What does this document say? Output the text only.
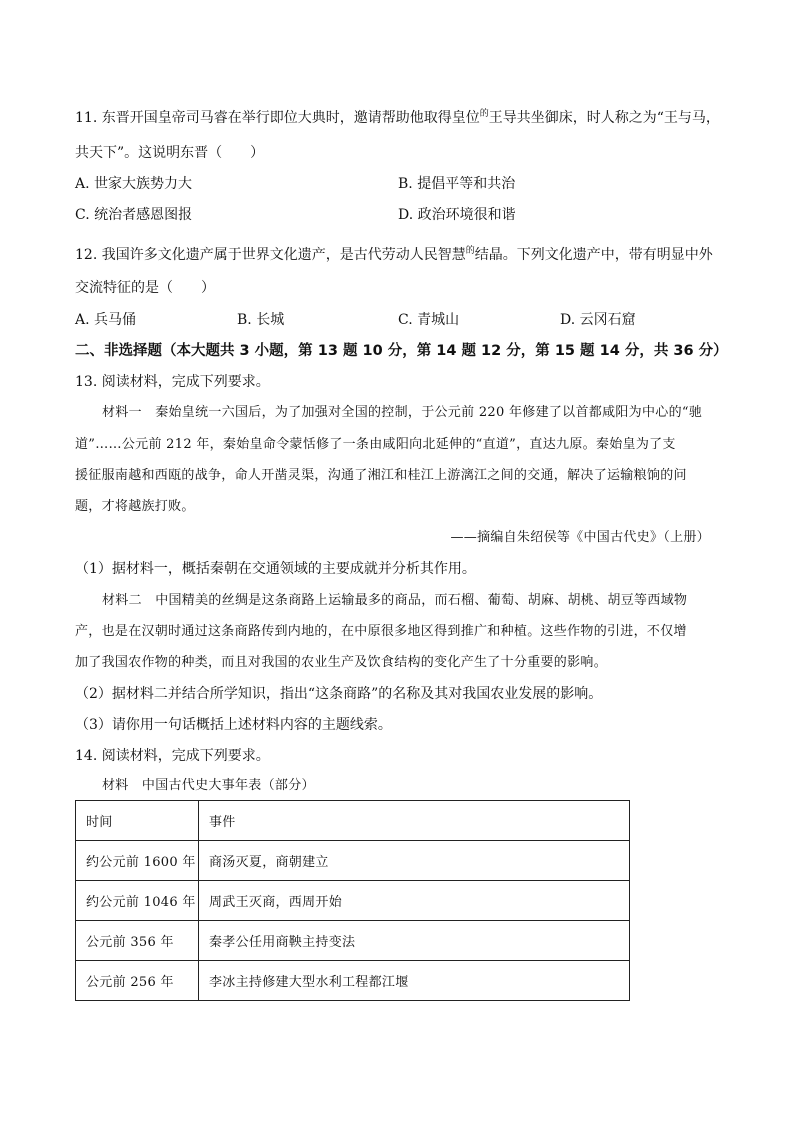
11. 东晋开国皇帝司马睿在举行即位大典时，邀请帮助他取得皇位$^的$王导共坐御床，时人称之为“王与马，
共天下”。这说明东晋（　　）
A. 世家大族势力大	B. 提倡平等和共治
C. 统治者感恩图报	D. 政治环境很和谐
12. 我国许多文化遗产属于世界文化遗产，是古代劳动人民智慧$^的$结晶。下列文化遗产中，带有明显中外
交流特征的是（　　）
A. 兵马俑	B. 长城	C. 青城山	D. 云冈石窟
二、非选择题（本大题共 3 小题，第 13 题 10 分，第 14 题 12 分，第 15 题 14 分，共 36 分）
13. 阅读材料，完成下列要求。
材料一　秦始皇统一六国后，为了加强对全国的控制，于公元前 220 年修建了以首都咸阳为中心的“驰
道”……公元前 212 年，秦始皇命令蒙恬修了一条由咸阳向北延伸的“直道”，直达九原。秦始皇为了支
援征服南越和西瓯的战争，命人开凿灵渠，沟通了湘江和桂江上游漓江之间的交通，解决了运输粮饷的问
题，才将越族打败。
——摘编自朱绍侯等《中国古代史》（上册）
（1）据材料一，概括秦朝在交通领域的主要成就并分析其作用。
材料二　中国精美的丝绸是这条商路上运输最多的商品，而石榴、葡萄、胡麻、胡桃、胡豆等西域物
产，也是在汉朝时通过这条商路传到内地的，在中原很多地区得到推广和种植。这些作物的引进，不仅增
加了我国农作物的种类，而且对我国的农业生产及饮食结构的变化产生了十分重要的影响。
（2）据材料二并结合所学知识，指出“这条商路”的名称及其对我国农业发展的影响。
（3）请你用一句话概括上述材料内容的主题线索。
14. 阅读材料，完成下列要求。
材料　中国古代史大事年表（部分）
时间	事件
约公元前 1600 年	商汤灭夏，商朝建立
约公元前 1046 年	周武王灭商，西周开始
公元前 356 年	秦孝公任用商鞅主持变法
公元前 256 年	李冰主持修建大型水利工程都江堰
